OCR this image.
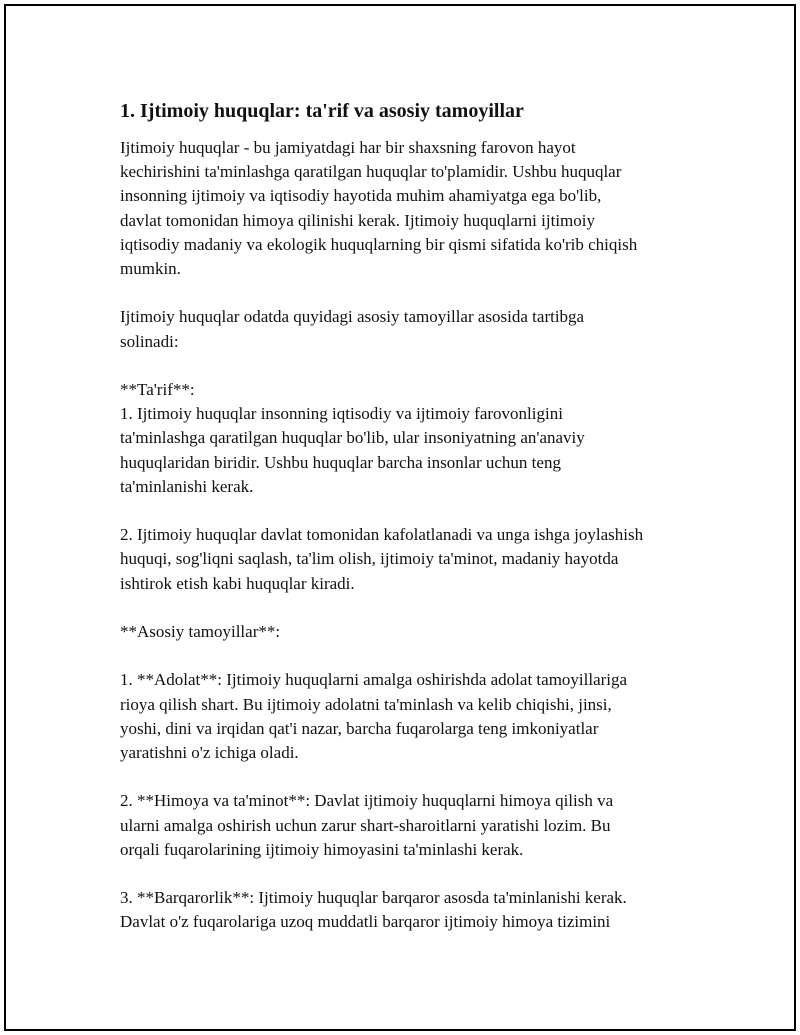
1. Ijtimoiy huquqlar: ta'rif va asosiy tamoyillar

Ijtimoiy huquqlar - bu jamiyatdagi har bir shaxsning farovon hayot
kechirishini ta'minlashga qaratilgan huquqlar to'plamidir. Ushbu huquqlar
insonning ijtimoiy va iqtisodiy hayotida muhim ahamiyatga ega bo'lib,
davlat tomonidan himoya qilinishi kerak. Ijtimoiy huquqlarni ijtimoiy
iqtisodiy madaniy va ekologik huquqlarning bir qismi sifatida ko'rib chiqish
mumkin.

Ijtimoiy huquqlar odatda quyidagi asosiy tamoyillar asosida tartibga
solinadi:

**Ta'rif**:
1. Ijtimoiy huquqlar insonning iqtisodiy va ijtimoiy farovonligini
ta'minlashga qaratilgan huquqlar bo'lib, ular insoniyatning an'anaviy
huquqlaridan biridir. Ushbu huquqlar barcha insonlar uchun teng
ta'minlanishi kerak.

2. Ijtimoiy huquqlar davlat tomonidan kafolatlanadi va unga ishga joylashish
huquqi, sog'liqni saqlash, ta'lim olish, ijtimoiy ta'minot, madaniy hayotda
ishtirok etish kabi huquqlar kiradi.

**Asosiy tamoyillar**:

1. **Adolat**: Ijtimoiy huquqlarni amalga oshirishda adolat tamoyillariga
rioya qilish shart. Bu ijtimoiy adolatni ta'minlash va kelib chiqishi, jinsi,
yoshi, dini va irqidan qat'i nazar, barcha fuqarolarga teng imkoniyatlar
yaratishni o'z ichiga oladi.

2. **Himoya va ta'minot**: Davlat ijtimoiy huquqlarni himoya qilish va
ularni amalga oshirish uchun zarur shart-sharoitlarni yaratishi lozim. Bu
orqali fuqarolarining ijtimoiy himoyasini ta'minlashi kerak.

3. **Barqarorlik**: Ijtimoiy huquqlar barqaror asosda ta'minlanishi kerak.
Davlat o'z fuqarolariga uzoq muddatli barqaror ijtimoiy himoya tizimini
